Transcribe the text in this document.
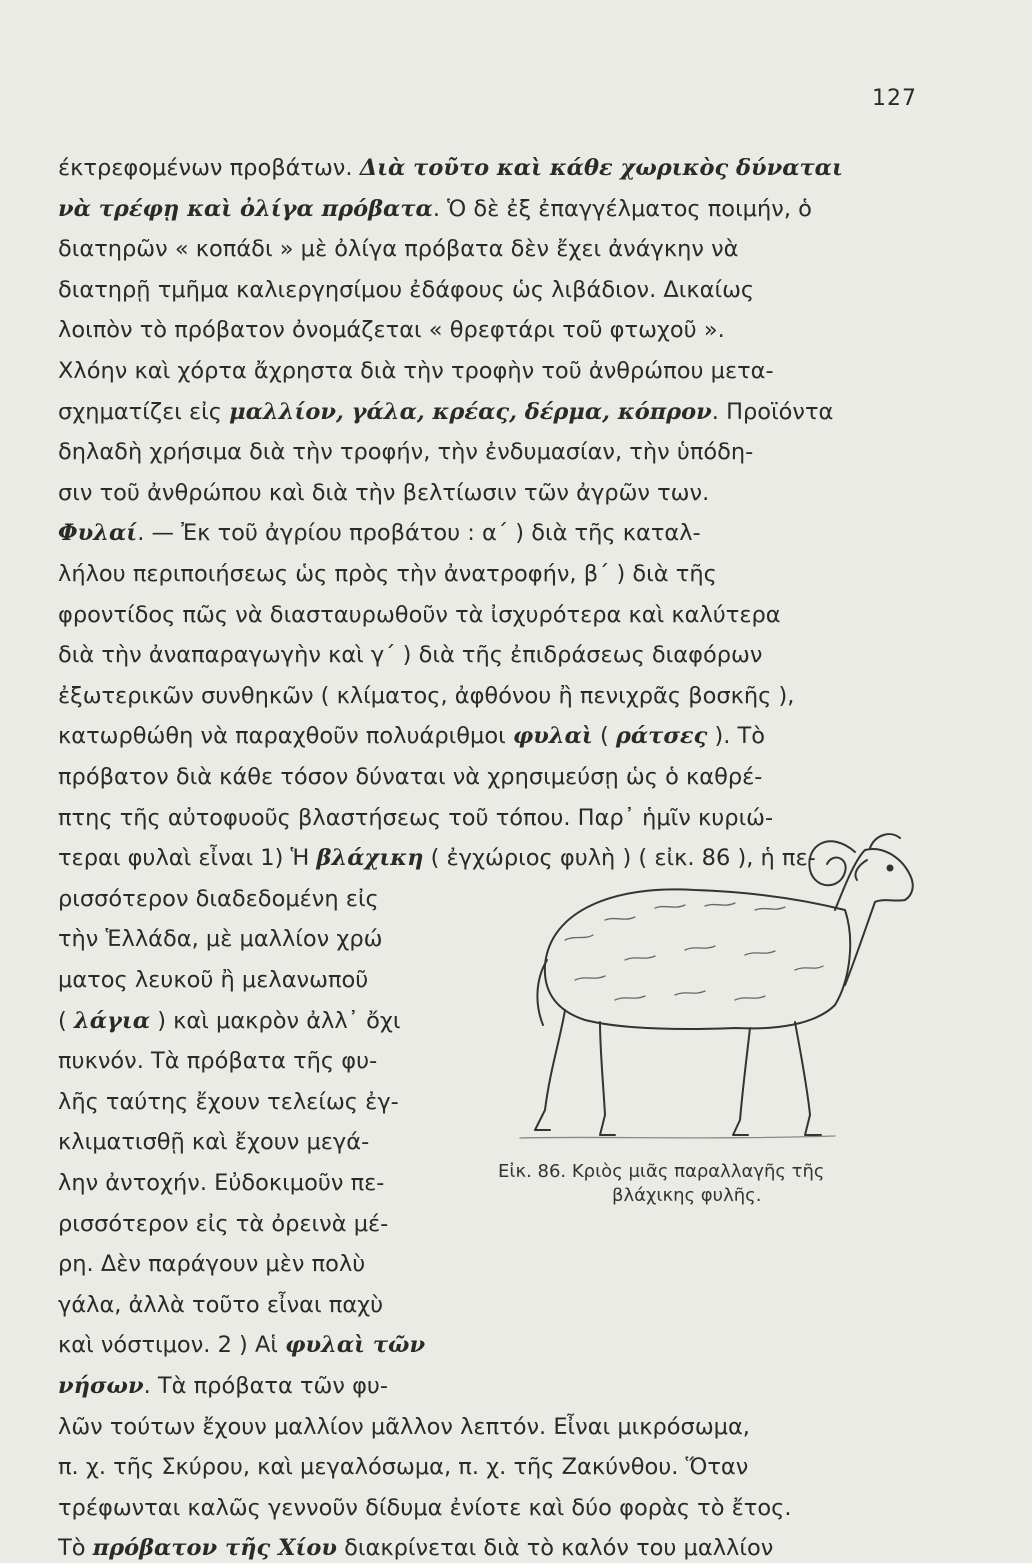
127
έκτρεφομένων προβάτων. Διὰ τοῦτο καὶ κάθε χωρικὸς δύναται
νὰ τρέφῃ καὶ ὀλίγα πρόβατα. Ὁ δὲ ἐξ ἐπαγγέλματος ποιμήν, ὁ
διατηρῶν « κοπάδι » μὲ ὀλίγα πρόβατα δὲν ἔχει ἀνάγκην νὰ
διατηρῇ τμῆμα καλιεργησίμου ἐδάφους ὡς λιβάδιον. Δικαίως
λοιπὸν τὸ πρόβατον ὀνομάζεται « θρεφτάρι τοῦ φτωχοῦ ».
Χλόην καὶ χόρτα ἄχρηστα διὰ τὴν τροφὴν τοῦ ἀνθρώπου μετα-
σχηματίζει εἰς μαλλίον, γάλα, κρέας, δέρμα, κόπρον. Προϊόντα
δηλαδὴ χρήσιμα διὰ τὴν τροφήν, τὴν ἐνδυμασίαν, τὴν ὑπόδη-
σιν τοῦ ἀνθρώπου καὶ διὰ τὴν βελτίωσιν τῶν ἀγρῶν των.
Φυλαί. — Ἐκ τοῦ ἀγρίου προβάτου : α΄ ) διὰ τῆς καταλ-
λήλου περιποιήσεως ὡς πρὸς τὴν ἀνατροφήν, β΄ ) διὰ τῆς
φροντίδος πῶς νὰ διασταυρωθοῦν τὰ ἰσχυρότερα καὶ καλύτερα
διὰ τὴν ἀναπαραγωγὴν καὶ γ΄ ) διὰ τῆς ἐπιδράσεως διαφόρων
ἐξωτερικῶν συνθηκῶν ( κλίματος, ἀφθόνου ἢ πενιχρᾶς βοσκῆς ),
κατωρθώθη νὰ παραχθοῦν πολυάριθμοι φυλαὶ ( ράτσες ). Τὸ
πρόβατον διὰ κάθε τόσον δύναται νὰ χρησιμεύσῃ ὡς ὁ καθρέ-
πτης τῆς αὐτοφυοῦς βλαστήσεως τοῦ τόπου. Παρ᾽ ἡμῖν κυριώ-
τεραι φυλαὶ εἶναι 1) Ἡ βλάχικη ( ἐγχώριος φυλὴ ) ( εἰκ. 86 ), ἡ πε-
ρισσότερον διαδεδομένη εἰς
τὴν Ἑλλάδα, μὲ μαλλίον χρώ
ματος λευκοῦ ἢ μελανωποῦ
( λάγια ) καὶ μακρὸν ἀλλ᾽ ὄχι
πυκνόν. Τὰ πρόβατα τῆς φυ-
λῆς ταύτης ἔχουν τελείως ἐγ-
κλιματισθῇ καὶ ἔχουν μεγά-
λην ἀντοχήν. Εὐδοκιμοῦν πε-
ρισσότερον εἰς τὰ ὀρεινὰ μέ-
ρη. Δὲν παράγουν μὲν πολὺ
γάλα, ἀλλὰ τοῦτο εἶναι παχὺ
καὶ νόστιμον. 2 ) Αἱ φυλαὶ τῶν
νήσων. Τὰ πρόβατα τῶν φυ-
λῶν τούτων ἔχουν μαλλίον μᾶλλον λεπτόν. Εἶναι μικρόσωμα,
π. χ. τῆς Σκύρου, καὶ μεγαλόσωμα, π. χ. τῆς Ζακύνθου. Ὅταν
τρέφωνται καλῶς γεννοῦν δίδυμα ἐνίοτε καὶ δύο φορὰς τὸ ἔτος.
Τὸ πρόβατον τῆς Χίου διακρίνεται διὰ τὸ καλόν του μαλλίον
Εἰκ. 86. Κριὸς μιᾶς παραλλαγῆς τῆς
βλάχικης φυλῆς.
